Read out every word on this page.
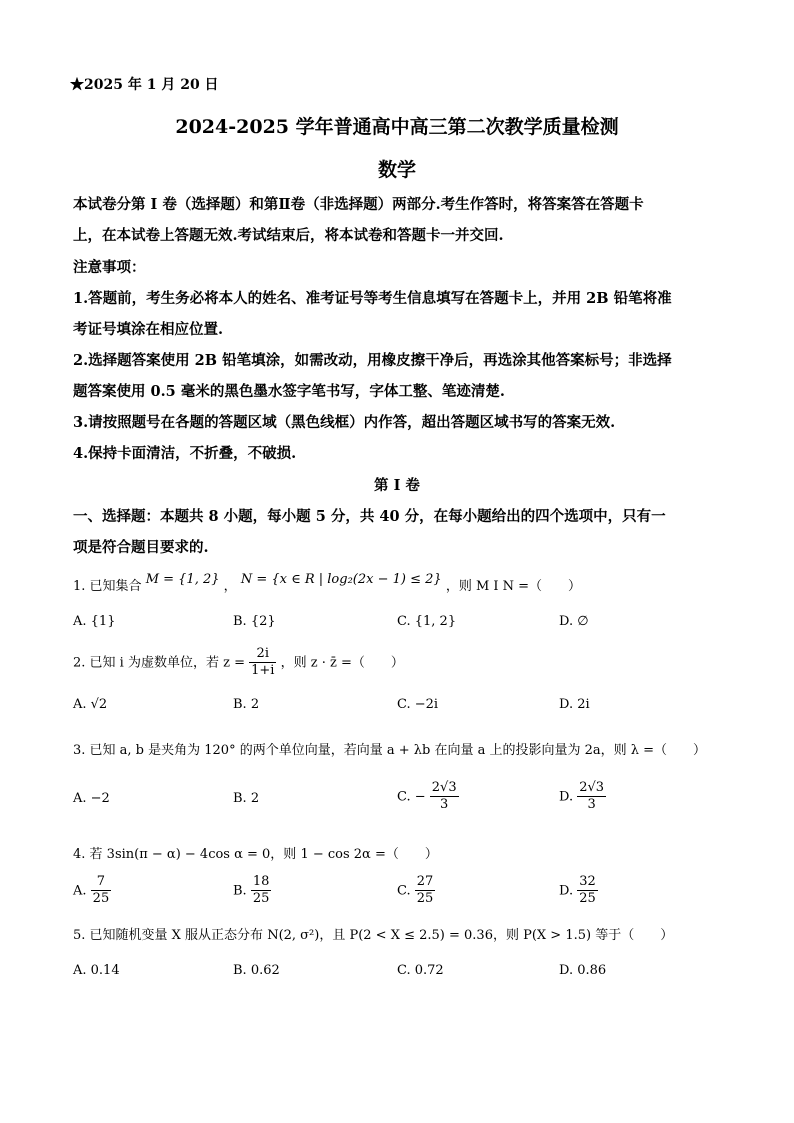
★2025 年 1 月 20 日
2024-2025 学年普通高中高三第二次教学质量检测
数学
本试卷分第 I 卷（选择题）和第Ⅱ卷（非选择题）两部分.考生作答时，将答案答在答题卡
上，在本试卷上答题无效.考试结束后，将本试卷和答题卡一并交回.
注意事项：
1.答题前，考生务必将本人的姓名、准考证号等考生信息填写在答题卡上，并用 2B 铅笔将准
考证号填涂在相应位置.
2.选择题答案使用 2B 铅笔填涂，如需改动，用橡皮擦干净后，再选涂其他答案标号；非选择
题答案使用 0.5 毫米的黑色墨水签字笔书写，字体工整、笔迹清楚.
3.请按照题号在各题的答题区域（黑色线框）内作答，超出答题区域书写的答案无效.
4.保持卡面清洁，不折叠，不破损.
第 I 卷
一、选择题：本题共 8 小题，每小题 5 分，共 40 分，在每小题给出的四个选项中，只有一
项是符合题目要求的.
1. 已知集合 M = {1, 2} ， N = {x ∈ R | log₂(2x − 1) ≤ 2} ，则 M Ⅰ N =（　　）
A. {1}	B. {2}	C. {1, 2}	D. ∅
2. 已知 i 为虚数单位，若 $z = \frac{2i}{1+i}$ ，则 z · z̄ =（　　）
A. √2	B. 2	C. −2i	D. 2i
3. 已知 a, b 是夹角为 120° 的两个单位向量，若向量 a + λb 在向量 a 上的投影向量为 2a，则 λ =（　　）
A. −2	B. 2	C. − $\frac{2√3}{3}$	D. $\frac{2√3}{3}$
4. 若 3sin(π − α) − 4cos α = 0，则 1 − cos 2α =（　　）
A. $\frac{7}{25}$	B. $\frac{18}{25}$	C. $\frac{27}{25}$	D. $\frac{32}{25}$
5. 已知随机变量 X 服从正态分布 N(2, σ²)，且 P(2 < X ≤ 2.5) = 0.36，则 P(X > 1.5) 等于（　　）
A. 0.14	B. 0.62	C. 0.72	D. 0.86
